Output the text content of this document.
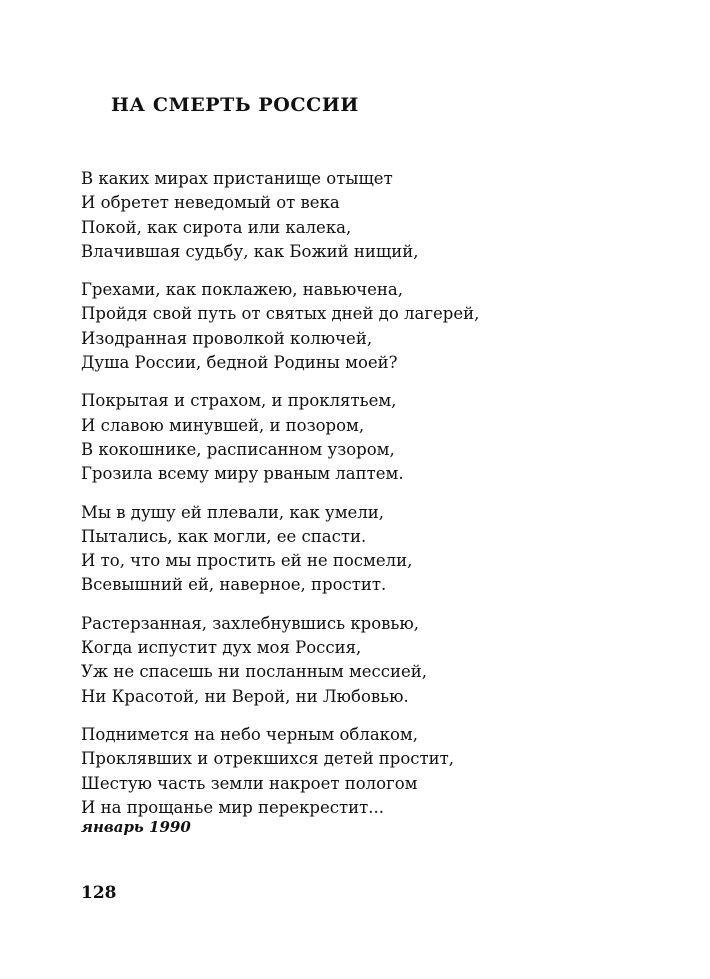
НА СМЕРТЬ РОССИИ
В каких мирах пристанище отыщет
И обретет неведомый от века
Покой, как сирота или калека,
Влачившая судьбу, как Божий нищий,
Грехами, как поклажею, навьючена,
Пройдя свой путь от святых дней до лагерей,
Изодранная проволкой колючей,
Душа России, бедной Родины моей?
Покрытая и страхом, и проклятьем,
И славою минувшей, и позором,
В кокошнике, расписанном узором,
Грозила всему миру рваным лаптем.
Мы в душу ей плевали, как умели,
Пытались, как могли, ее спасти.
И то, что мы простить ей не посмели,
Всевышний ей, наверное, простит.
Растерзанная, захлебнувшись кровью,
Когда испустит дух моя Россия,
Уж не спасешь ни посланным мессией,
Ни Красотой, ни Верой, ни Любовью.
Поднимется на небо черным облаком,
Проклявших и отрекшихся детей простит,
Шестую часть земли накроет пологом
И на прощанье мир перекрестит...
январь 1990
128
